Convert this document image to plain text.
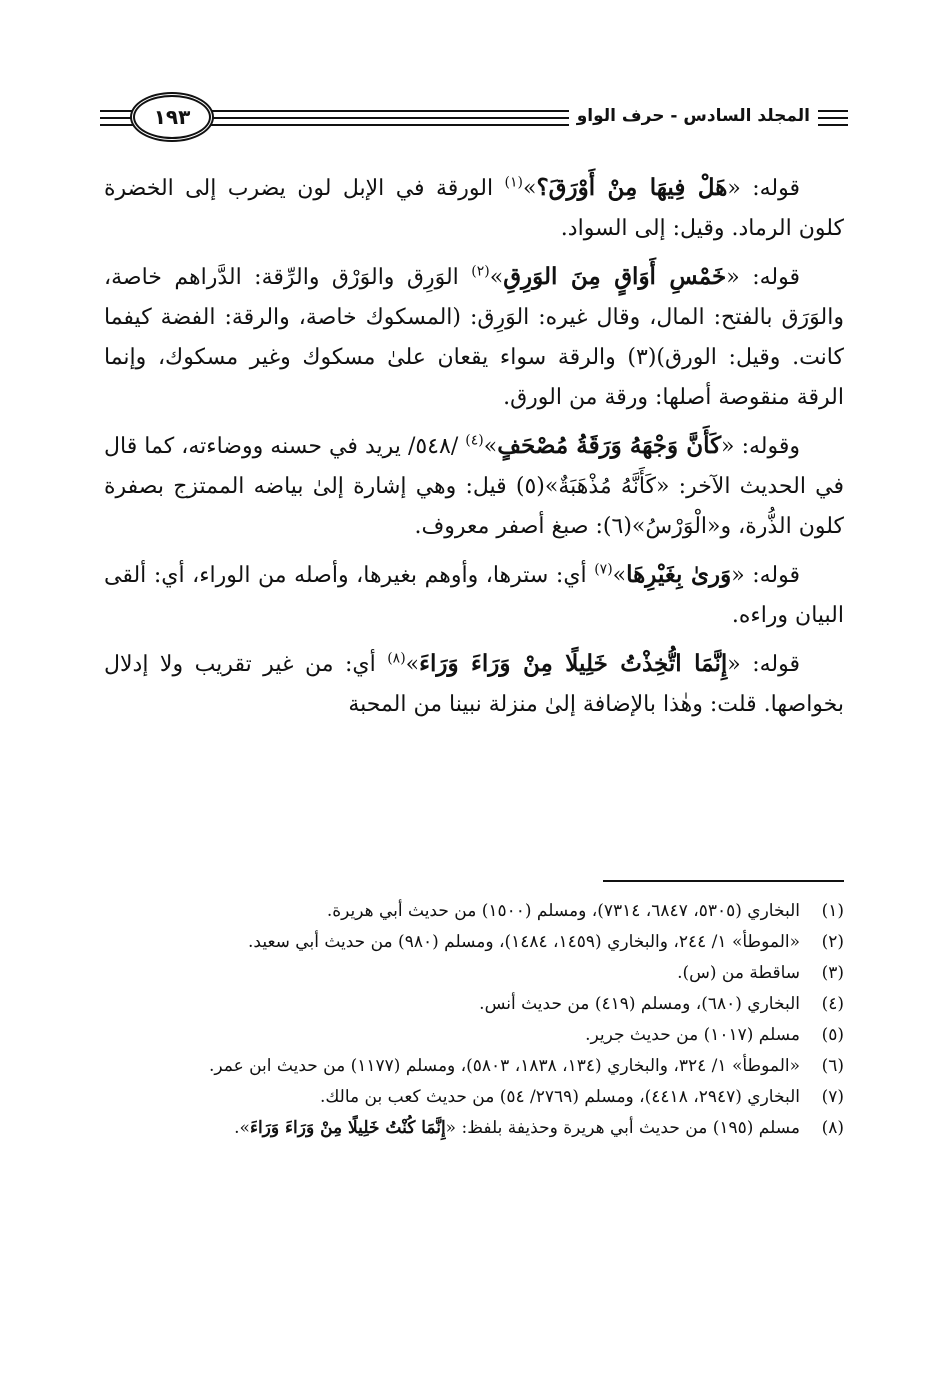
المجلد السادس - حرف الواو
١٩٣

قوله: «هَلْ فِيهَا مِنْ أَوْرَقَ؟»$^{(١)}$ الورقة في الإبل لون يضرب إلى الخضرة كلون الرماد. وقيل: إلى السواد.

قوله: «خَمْسِ أَوَاقٍ مِنَ الوَرِقِ»$^{(٢)}$ الوَرِق والوَرْق والرِّقة: الدَّراهم خاصة، والوَرَق بالفتح: المال، وقال غيره: الوَرِق: (المسكوك خاصة، والرقة: الفضة كيفما كانت. وقيل: الورق)(٣) والرقة سواء يقعان علىٰ مسكوك وغير مسكوك، وإنما الرقة منقوصة أصلها: ورقة من الورق.

وقوله: «كَأَنَّ وَجْهَهُ وَرَقَةُ مُصْحَفٍ»$^{(٤)}$ /٥٤٨/ يريد في حسنه ووضاءته، كما قال في الحديث الآخر: «كَأَنَّهُ مُذْهَبَةٌ»(٥) قيل: وهي إشارة إلىٰ بياضه الممتزج بصفرة كلون الذُّرة، و«الْوَرْسُ»(٦): صبغ أصفر معروف.

قوله: «وَرىٰ بِغَيْرِهَا»$^{(٧)}$ أي: سترها، وأوهم بغيرها، وأصله من الوراء، أي: ألقى البيان وراءه.

قوله: «إِنَّمَا اتُّخِذْتُ خَلِيلًا مِنْ وَرَاءَ وَرَاءَ»$^{(٨)}$ أي: من غير تقريب ولا إدلال بخواصها. قلت: وهٰذا بالإضافة إلىٰ منزلة نبينا من المحبة

(١)
البخاري (٥٣٠٥، ٦٨٤٧، ٧٣١٤)، ومسلم (١٥٠٠) من حديث أبي هريرة.
(٢)
«الموطأ» ١/ ٢٤٤، والبخاري (١٤٥٩، ١٤٨٤)، ومسلم (٩٨٠) من حديث أبي سعيد.
(٣)
ساقطة من (س).
(٤)
البخاري (٦٨٠)، ومسلم (٤١٩) من حديث أنس.
(٥)
مسلم (١٠١٧) من حديث جرير.
(٦)
«الموطأ» ١/ ٣٢٤، والبخاري (١٣٤، ١٨٣٨، ٥٨٠٣)، ومسلم (١١٧٧) من حديث ابن عمر.
(٧)
البخاري (٢٩٤٧، ٤٤١٨)، ومسلم (٢٧٦٩/ ٥٤) من حديث كعب بن مالك.
(٨)
مسلم (١٩٥) من حديث أبي هريرة وحذيفة بلفظ: «إِنَّمَا كُنْتُ خَلِيلًا مِنْ وَرَاءَ وَرَاءَ».
